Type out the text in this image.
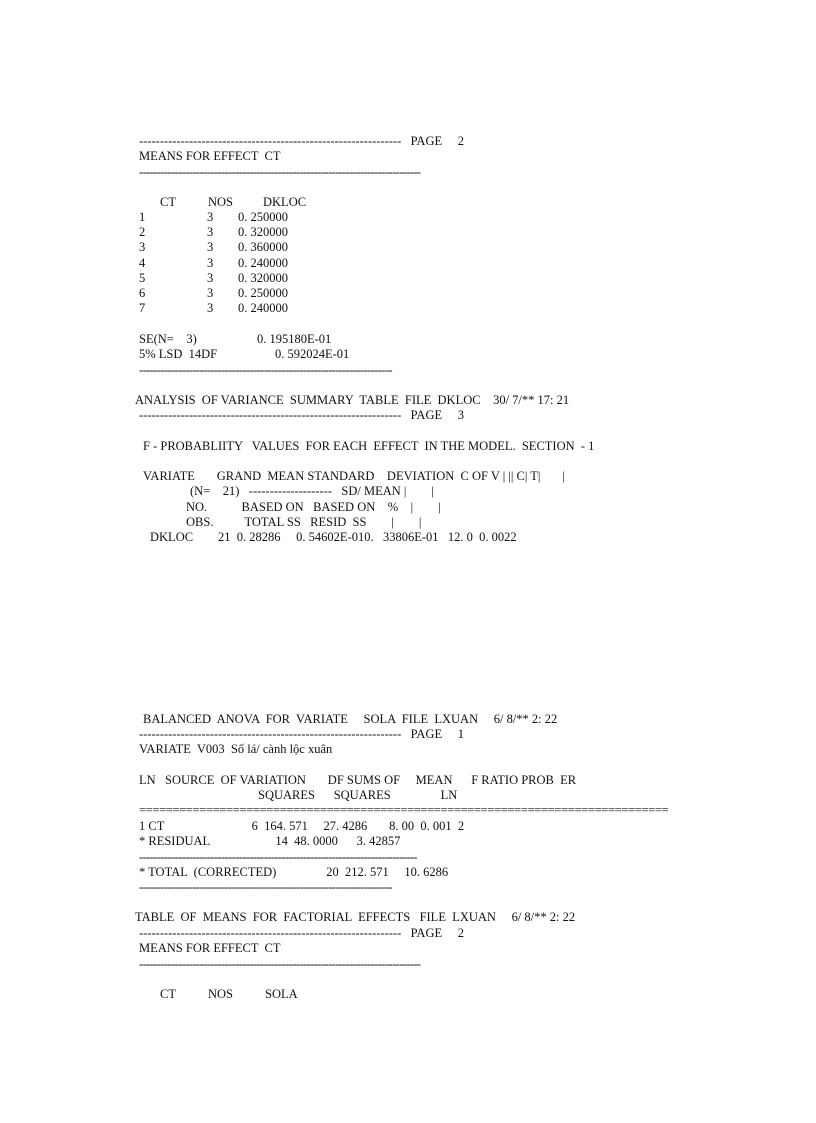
---------------------------------------------------------------   PAGE     2
MEANS FOR EFFECT  CT
-------------------------------------------------------------------------------
CT	NOS DKLOC
1	3 0. 250000
2	3 0. 320000
3	3 0. 360000
4	3 0. 240000
5	3 0. 320000
6	3 0. 250000
7	3 0. 240000
SE(N=    3)	0. 195180E-01
5% LSD  14DF	0. 592024E-01
-----------------------------------------------------------------------
ANALYSIS  OF VARIANCE  SUMMARY  TABLE  FILE  DKLOC    30/ 7/** 17: 21
---------------------------------------------------------------   PAGE     3
F - PROBABLIITY   VALUES  FOR EACH  EFFECT  IN THE MODEL.  SECTION  - 1
VARIATE       GRAND  MEAN STANDARD    DEVIATION  C OF V | || C| T|       |
(N=    21)   --------------------   SD/ MEAN |        |
NO.           BASED ON   BASED ON    %    |        |
OBS.          TOTAL SS   RESID  SS        |        |
DKLOC        21  0. 28286     0. 54602E-010.   33806E-01   12. 0  0. 0022
BALANCED  ANOVA  FOR  VARIATE     SOLA  FILE  LXUAN     6/ 8/** 2: 22
---------------------------------------------------------------   PAGE     1
VARIATE  V003  Số lá/ cành lộc xuân
LN   SOURCE  OF VARIATION       DF SUMS OF     MEAN      F RATIO PROB  ER
SQUARES      SQUARES                LN
===============================================================================
1 CT                            6  164. 571     27. 4286       8. 00  0. 001  2
* RESIDUAL                     14  48. 0000      3. 42857
------------------------------------------------------------------------------
* TOTAL  (CORRECTED)                20  212. 571     10. 6286
-----------------------------------------------------------------------
TABLE  OF  MEANS  FOR  FACTORIAL  EFFECTS   FILE  LXUAN     6/ 8/** 2: 22
---------------------------------------------------------------   PAGE     2
MEANS FOR EFFECT  CT
-------------------------------------------------------------------------------
CT	NOS	SOLA
